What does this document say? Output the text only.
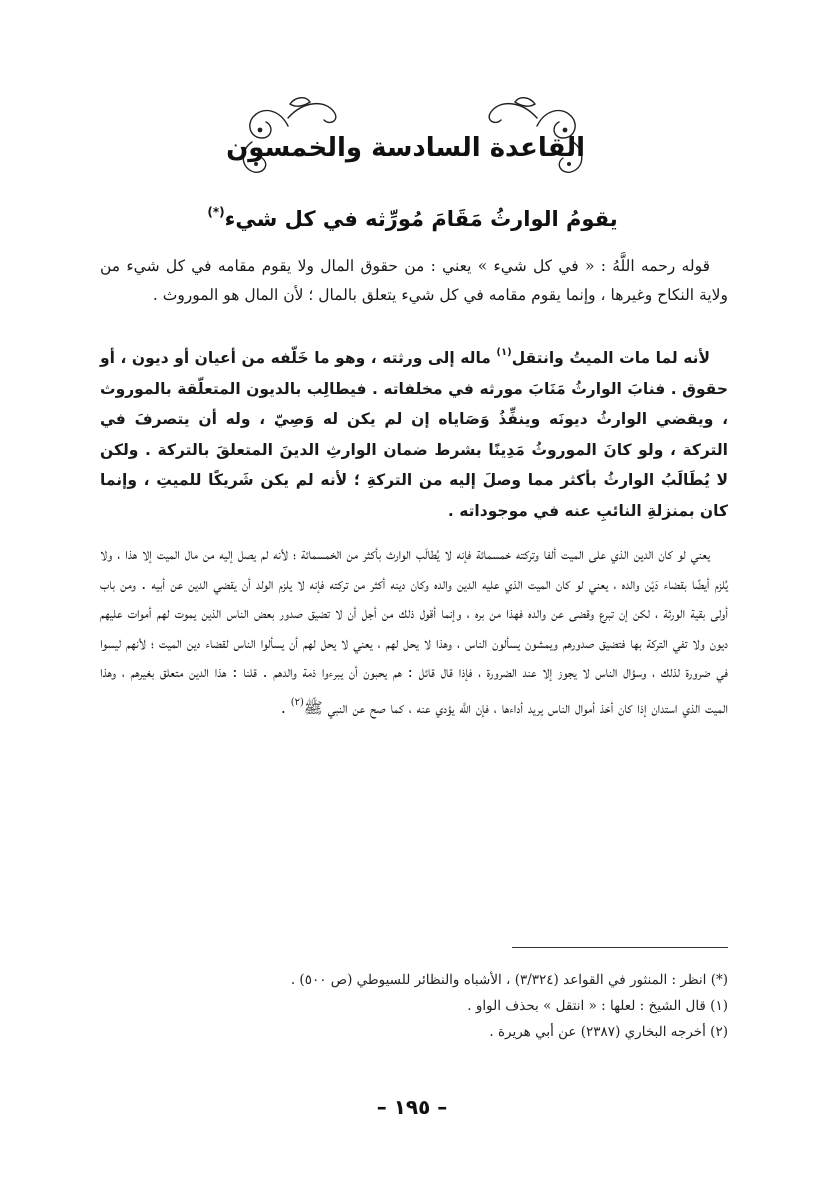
القاعدة السادسة والخمسون
يقومُ الوارثُ مَقَامَ مُورِّثه في كل شيء(*)

قوله رحمه اللَّهُ : « في كل شيء » يعني : من حقوق المال ولا يقوم مقامه في كل شيء من ولاية النكاح وغيرها ، وإنما يقوم مقامه في كل شيء يتعلق بالمال ؛ لأن المال هو الموروث .

لأنه لما مات الميتُ وانتقل$^{(١)}$ ماله إلى ورثته ، وهو ما خَلّفه من أعيان أو ديون ، أو حقوق . فنابَ الوارثُ مَنَابَ مورثه في مخلفاته . فيطالِب بالديون المتعلّقة بالموروث ، ويقضي الوارثُ ديونَه وينفِّذُ وَصَاياه إن لم يكن له وَصِيّ ، وله أن يتصرفَ في التركة ، ولو كانَ الموروثُ مَدِينًا بشرط ضمان الوارثِ الدينَ المتعلقَ بالتركة . ولكن لا يُطَالَبُ الوارثُ بأكثر مما وصلَ إليه من التركةِ ؛ لأنه لم يكن شَريكًا للميتِ ، وإنما كان بمنزلةِ النائبِ عنه في موجوداته .

يعني لو كان الدين الذي على الميت ألفا وتركته خمسمائة فإنه لا يُطالَب الوارث بأكثر من الخمسمائة ؛ لأنه لم يصل إليه من مال الميت إلا هذا ، ولا يُلزم أيضًا بقضاء دَيْن والده ، يعني لو كان الميت الذي عليه الدين والده وكان دينه أكثر من تركته فإنه لا يلزم الولد أن يقضي الدين عن أبيه . ومن باب أولى بقية الورثة ، لكن إن تبرع وقضى عن والده فهذا من بره ، وإنما أقول ذلك من أجل أن لا تضيق صدور بعض الناس الذين يموت لهم أموات عليهم ديون ولا تفي التركة بها فتضيق صدورهم ويمشون يسألون الناس ، وهذا لا يحل لهم ، يعني لا يحل لهم أن يسألوا الناس لقضاء دين الميت ؛ لأنهم ليسوا في ضرورة لذلك ، وسؤال الناس لا يجوز إلا عند الضرورة ، فإذا قال قائل : هم يحبون أن يبرءوا ذمة والدهم . قلنا : هذا الدين متعلق بغيرهم ، وهذا الميت الذي استدان إذا كان أخذ أموال الناس يريد أداءها ، فإن اللَّه يؤدي عنه ، كما صح عن النبي ﷺ$^{(٢)}$ .

(*) انظر : المنثور في القواعد (٣/٣٢٤) ، الأشباه والنظائر للسيوطي (ص ٥٠٠) .
(١) قال الشيخ : لعلها : « انتقل » بحذف الواو .
(٢) أخرجه البخاري (٢٣٨٧) عن أبي هريرة .
– ١٩٥ –
